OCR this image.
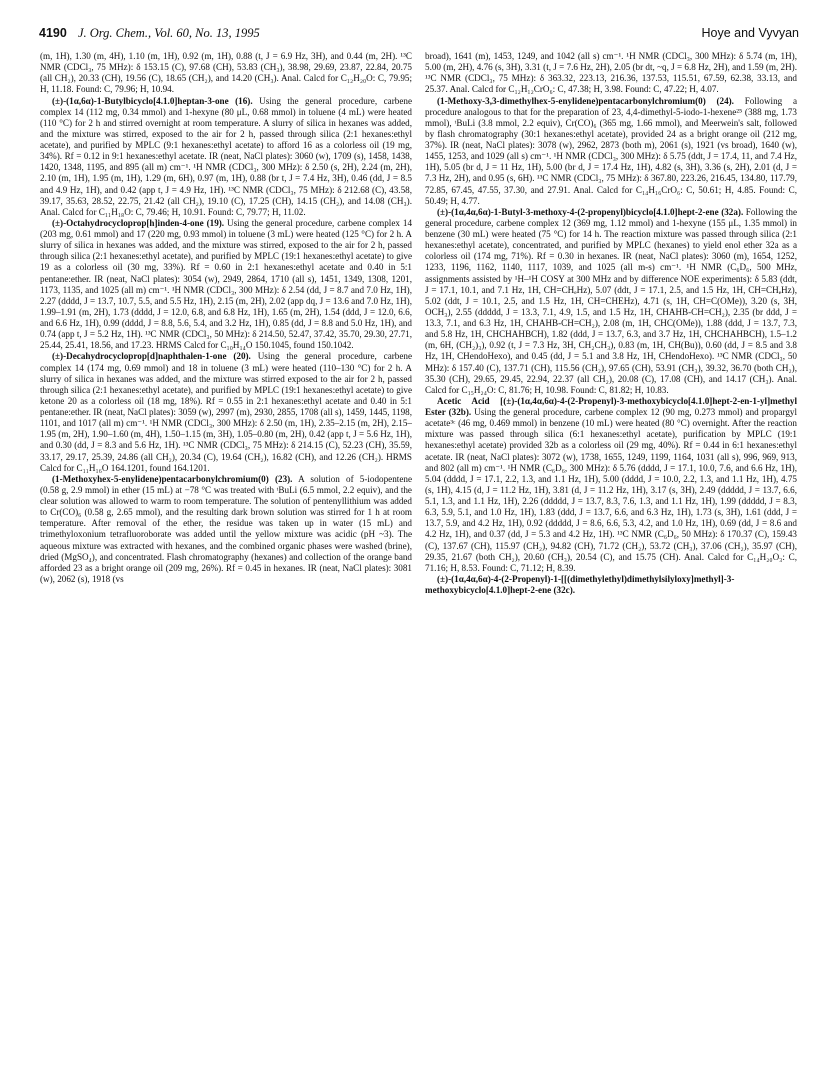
4190 J. Org. Chem., Vol. 60, No. 13, 1995	Hoye and Vyvyan

(m, 1H), 1.30 (m, 4H), 1.10 (m, 1H), 0.92 (m, 1H), 0.88 (t, J = 6.9 Hz, 3H), and 0.44 (m, 2H). ¹³C NMR (CDCl₃, 75 MHz): δ 153.15 (C), 97.68 (CH), 53.83 (CH₃), 38.98, 29.69, 23.87, 22.84, 20.75 (all CH₂), 20.33 (CH), 19.56 (C), 18.65 (CH₂), and 14.20 (CH₃). Anal. Calcd for C₁₂H₂₀O: C, 79.95; H, 11.18. Found: C, 79.96; H, 10.94.

(±)-(1α,6α)-1-Butylbicyclo[4.1.0]heptan-3-one (16). Using the general procedure, carbene complex 14 (112 mg, 0.34 mmol) and 1-hexyne (80 μL, 0.68 mmol) in toluene (4 mL) were heated (110 °C) for 2 h and stirred overnight at room temperature. A slurry of silica in hexanes was added, and the mixture was stirred, exposed to the air for 2 h, passed through silica (2:1 hexanes:ethyl acetate), and purified by MPLC (9:1 hexanes:ethyl acetate) to afford 16 as a colorless oil (19 mg, 34%). Rf = 0.12 in 9:1 hexanes:ethyl acetate. IR (neat, NaCl plates): 3060 (w), 1709 (s), 1458, 1438, 1420, 1348, 1195, and 895 (all m) cm⁻¹. ¹H NMR (CDCl₃, 300 MHz): δ 2.50 (s, 2H), 2.24 (m, 2H), 2.10 (m, 1H), 1.95 (m, 1H), 1.29 (m, 6H), 0.97 (m, 1H), 0.88 (br t, J = 7.4 Hz, 3H), 0.46 (dd, J = 8.5 and 4.9 Hz, 1H), and 0.42 (app t, J = 4.9 Hz, 1H). ¹³C NMR (CDCl₃, 75 MHz): δ 212.68 (C), 43.58, 39.17, 35.63, 28.52, 22.75, 21.42 (all CH₂), 19.10 (C), 17.25 (CH), 14.15 (CH₂), and 14.08 (CH₃). Anal. Calcd for C₁₁H₁₈O: C, 79.46; H, 10.91. Found: C, 79.77; H, 11.02.

(±)-Octahydrocycloprop[h]inden-4-one (19). Using the general procedure, carbene complex 14 (203 mg, 0.61 mmol) and 17 (220 mg, 0.93 mmol) in toluene (3 mL) were heated (125 °C) for 2 h. A slurry of silica in hexanes was added, and the mixture was stirred, exposed to the air for 2 h, passed through silica (2:1 hexanes:ethyl acetate), and purified by MPLC (19:1 hexanes:ethyl acetate) to give 19 as a colorless oil (30 mg, 33%). Rf = 0.60 in 2:1 hexanes:ethyl acetate and 0.40 in 5:1 pentane:ether. IR (neat, NaCl plates): 3054 (w), 2949, 2864, 1710 (all s), 1451, 1349, 1308, 1201, 1173, 1135, and 1025 (all m) cm⁻¹. ¹H NMR (CDCl₃, 300 MHz): δ 2.54 (dd, J = 8.7 and 7.0 Hz, 1H), 2.27 (dddd, J = 13.7, 10.7, 5.5, and 5.5 Hz, 1H), 2.15 (m, 2H), 2.02 (app dq, J = 13.6 and 7.0 Hz, 1H), 1.99–1.91 (m, 2H), 1.73 (dddd, J = 12.0, 6.8, and 6.8 Hz, 1H), 1.65 (m, 2H), 1.54 (ddd, J = 12.0, 6.6, and 6.6 Hz, 1H), 0.99 (dddd, J = 8.8, 5.6, 5.4, and 3.2 Hz, 1H), 0.85 (dd, J = 8.8 and 5.0 Hz, 1H), and 0.74 (app t, J = 5.2 Hz, 1H). ¹³C NMR (CDCl₃, 50 MHz): δ 214.50, 52.47, 37.42, 35.70, 29.30, 27.71, 25.44, 25.41, 18.56, and 17.23. HRMS Calcd for C₁₀H₁₄O 150.1045, found 150.1042.

(±)-Decahydrocycloprop[d]naphthalen-1-one (20). Using the general procedure, carbene complex 14 (174 mg, 0.69 mmol) and 18 in toluene (3 mL) were heated (110–130 °C) for 2 h. A slurry of silica in hexanes was added, and the mixture was stirred exposed to the air for 2 h, passed through silica (2:1 hexanes:ethyl acetate), and purified by MPLC (19:1 hexanes:ethyl acetate) to give ketone 20 as a colorless oil (18 mg, 18%). Rf = 0.55 in 2:1 hexanes:ethyl acetate and 0.40 in 5:1 pentane:ether. IR (neat, NaCl plates): 3059 (w), 2997 (m), 2930, 2855, 1708 (all s), 1459, 1445, 1198, 1101, and 1017 (all m) cm⁻¹. ¹H NMR (CDCl₃, 300 MHz): δ 2.50 (m, 1H), 2.35–2.15 (m, 2H), 2.15–1.95 (m, 2H), 1.90–1.60 (m, 4H), 1.50–1.15 (m, 3H), 1.05–0.80 (m, 2H), 0.42 (app t, J = 5.6 Hz, 1H), and 0.30 (dd, J = 8.3 and 5.6 Hz, 1H). ¹³C NMR (CDCl₃, 75 MHz): δ 214.15 (C), 52.23 (CH), 35.59, 33.17, 29.17, 25.39, 24.86 (all CH₂), 20.34 (C), 19.64 (CH₂), 16.82 (CH), and 12.26 (CH₂). HRMS Calcd for C₁₁H₁₆O 164.1201, found 164.1201.

(1-Methoxyhex-5-enylidene)pentacarbonylchromium(0) (23). A solution of 5-iodopentene (0.58 g, 2.9 mmol) in ether (15 mL) at −78 °C was treated with ᵗBuLi (6.5 mmol, 2.2 equiv), and the clear solution was allowed to warm to room temperature. The solution of pentenyllithium was added to Cr(CO)₆ (0.58 g, 2.65 mmol), and the resulting dark brown solution was stirred for 1 h at room temperature. After removal of the ether, the residue was taken up in water (15 mL) and trimethyloxonium tetrafluoroborate was added until the yellow mixture was acidic (pH ~3). The aqueous mixture was extracted with hexanes, and the combined organic phases were washed (brine), dried (MgSO₄), and concentrated. Flash chromatography (hexanes) and collection of the orange band afforded 23 as a bright orange oil (209 mg, 26%). Rf = 0.45 in hexanes. IR (neat, NaCl plates): 3081 (w), 2062 (s), 1918 (vs

broad), 1641 (m), 1453, 1249, and 1042 (all s) cm⁻¹. ¹H NMR (CDCl₃, 300 MHz): δ 5.74 (m, 1H), 5.00 (m, 2H), 4.76 (s, 3H), 3.31 (t, J = 7.6 Hz, 2H), 2.05 (br dt, ~q, J = 6.8 Hz, 2H), and 1.59 (m, 2H). ¹³C NMR (CDCl₃, 75 MHz): δ 363.32, 223.13, 216.36, 137.53, 115.51, 67.59, 62.38, 33.13, and 25.37. Anal. Calcd for C₁₂H₁₂CrO₆: C, 47.38; H, 3.98. Found: C, 47.22; H, 4.07.

(1-Methoxy-3,3-dimethylhex-5-enylidene)pentacarbonylchromium(0) (24). Following a procedure analogous to that for the preparation of 23, 4,4-dimethyl-5-iodo-1-hexene²⁵ (388 mg, 1.73 mmol), ᵗBuLi (3.8 mmol, 2.2 equiv), Cr(CO)₆ (365 mg, 1.66 mmol), and Meerwein's salt, followed by flash chromatography (30:1 hexanes:ethyl acetate), provided 24 as a bright orange oil (212 mg, 37%). IR (neat, NaCl plates): 3078 (w), 2962, 2873 (both m), 2061 (s), 1921 (vs broad), 1640 (w), 1455, 1253, and 1029 (all s) cm⁻¹. ¹H NMR (CDCl₃, 300 MHz): δ 5.75 (ddt, J = 17.4, 11, and 7.4 Hz, 1H), 5.05 (br d, J = 11 Hz, 1H), 5.00 (br d, J = 17.4 Hz, 1H), 4.82 (s, 3H), 3.36 (s, 2H), 2.01 (d, J = 7.3 Hz, 2H), and 0.95 (s, 6H). ¹³C NMR (CDCl₃, 75 MHz): δ 367.80, 223.26, 216.45, 134.80, 117.79, 72.85, 67.45, 47.55, 37.30, and 27.91. Anal. Calcd for C₁₄H₁₆CrO₆: C, 50.61; H, 4.85. Found: C, 50.49; H, 4.77.

(±)-(1α,4α,6α)-1-Butyl-3-methoxy-4-(2-propenyl)bicyclo[4.1.0]hept-2-ene (32a). Following the general procedure, carbene complex 12 (369 mg, 1.12 mmol) and 1-hexyne (155 μL, 1.35 mmol) in benzene (30 mL) were heated (75 °C) for 14 h. The reaction mixture was passed through silica (2:1 hexanes:ethyl acetate), concentrated, and purified by MPLC (hexanes) to yield enol ether 32a as a colorless oil (174 mg, 71%). Rf = 0.30 in hexanes. IR (neat, NaCl plates): 3060 (m), 1654, 1252, 1233, 1196, 1162, 1140, 1117, 1039, and 1025 (all m-s) cm⁻¹. ¹H NMR (C₆D₆, 500 MHz, assignments assisted by ¹H–¹H COSY at 300 MHz and by difference NOE experiments): δ 5.83 (ddt, J = 17.1, 10.1, and 7.1 Hz, 1H, CH=CHₑHz), 5.07 (ddt, J = 17.1, 2.5, and 1.5 Hz, 1H, CH=CHₑHz), 5.02 (ddt, J = 10.1, 2.5, and 1.5 Hz, 1H, CH=CHEHz), 4.71 (s, 1H, CH=C(OMe)), 3.20 (s, 3H, OCH₃), 2.55 (ddddd, J = 13.3, 7.1, 4.9, 1.5, and 1.5 Hz, 1H, CHAHB-CH=CH₂), 2.35 (br ddd, J = 13.3, 7.1, and 6.3 Hz, 1H, CHAHB-CH=CH₂), 2.08 (m, 1H, CHC(OMe)), 1.88 (ddd, J = 13.7, 7.3, and 5.8 Hz, 1H, CHCHAHBCH), 1.82 (ddd, J = 13.7, 6.3, and 3.7 Hz, 1H, CHCHAHBCH), 1.5–1.2 (m, 6H, (CH₂)₃), 0.92 (t, J = 7.3 Hz, 3H, CH₂CH₃), 0.83 (m, 1H, CH(Bu)), 0.60 (dd, J = 8.5 and 3.8 Hz, 1H, CHendoHexo), and 0.45 (dd, J = 5.1 and 3.8 Hz, 1H, CHendoHexo). ¹³C NMR (CDCl₃, 50 MHz): δ 157.40 (C), 137.71 (CH), 115.56 (CH₂), 97.65 (CH), 53.91 (CH₃), 39.32, 36.70 (both CH₂), 35.30 (CH), 29.65, 29.45, 22.94, 22.37 (all CH₂), 20.08 (C), 17.08 (CH), and 14.17 (CH₃). Anal. Calcd for C₁₅H₂₄O: C, 81.76; H, 10.98. Found: C, 81.82; H, 10.83.

Acetic Acid [(±)-(1α,4α,6α)-4-(2-Propenyl)-3-methoxybicyclo[4.1.0]hept-2-en-1-yl]methyl Ester (32b). Using the general procedure, carbene complex 12 (90 mg, 0.273 mmol) and propargyl acetate³ᶜ (46 mg, 0.469 mmol) in benzene (10 mL) were heated (80 °C) overnight. After the reaction mixture was passed through silica (6:1 hexanes:ethyl acetate), purification by MPLC (19:1 hexanes:ethyl acetate) provided 32b as a colorless oil (29 mg, 40%). Rf = 0.44 in 6:1 hexanes:ethyl acetate. IR (neat, NaCl plates): 3072 (w), 1738, 1655, 1249, 1199, 1164, 1031 (all s), 996, 969, 913, and 802 (all m) cm⁻¹. ¹H NMR (C₆D₆, 300 MHz): δ 5.76 (dddd, J = 17.1, 10.0, 7.6, and 6.6 Hz, 1H), 5.04 (dddd, J = 17.1, 2.2, 1.3, and 1.1 Hz, 1H), 5.00 (dddd, J = 10.0, 2.2, 1.3, and 1.1 Hz, 1H), 4.75 (s, 1H), 4.15 (d, J = 11.2 Hz, 1H), 3.81 (d, J = 11.2 Hz, 1H), 3.17 (s, 3H), 2.49 (ddddd, J = 13.7, 6.6, 5.1, 1.3, and 1.1 Hz, 1H), 2.26 (ddddd, J = 13.7, 8.3, 7.6, 1.3, and 1.1 Hz, 1H), 1.99 (ddddd, J = 8.3, 6.3, 5.9, 5.1, and 1.0 Hz, 1H), 1.83 (ddd, J = 13.7, 6.6, and 6.3 Hz, 1H), 1.73 (s, 3H), 1.61 (ddd, J = 13.7, 5.9, and 4.2 Hz, 1H), 0.92 (ddddd, J = 8.6, 6.6, 5.3, 4.2, and 1.0 Hz, 1H), 0.69 (dd, J = 8.6 and 4.2 Hz, 1H), and 0.37 (dd, J = 5.3 and 4.2 Hz, 1H). ¹³C NMR (C₆D₆, 50 MHz): δ 170.37 (C), 159.43 (C), 137.67 (CH), 115.97 (CH₂), 94.82 (CH), 71.72 (CH₂), 53.72 (CH₃), 37.06 (CH₂), 35.97 (CH), 29.35, 21.67 (both CH₂), 20.60 (CH₃), 20.54 (C), and 15.75 (CH). Anal. Calcd for C₁₄H₂₀O₃: C, 71.16; H, 8.53. Found: C, 71.12; H, 8.39.

(±)-(1α,4α,6α)-4-(2-Propenyl)-1-[[(dimethylethyl)dimethylsilyloxy]methyl]-3-methoxybicyclo[4.1.0]hept-2-ene (32c).
